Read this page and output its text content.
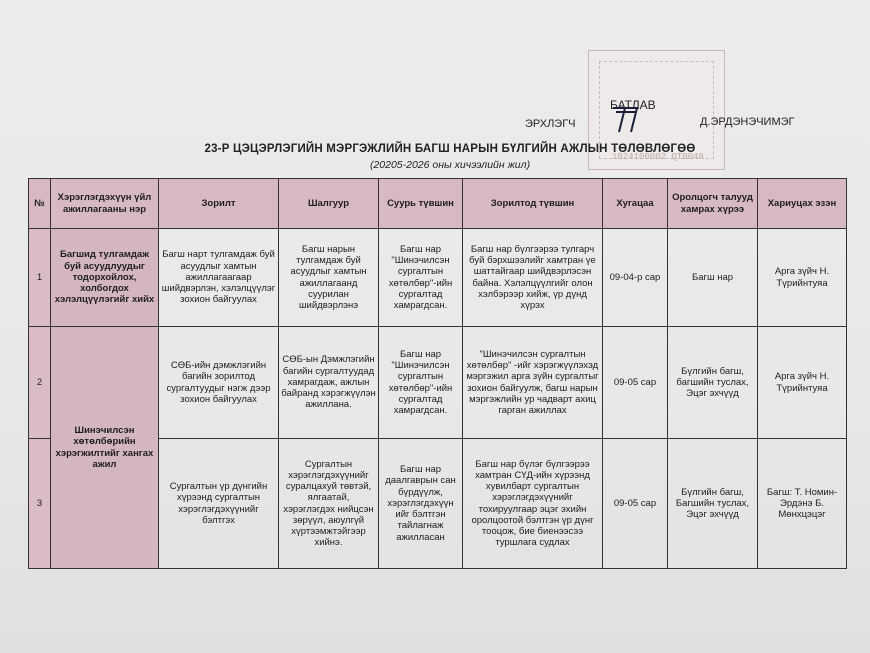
1024100002 QT0048
ЭРХЛЭГЧ
БАТЛАВ
Д.ЭРДЭНЭЧИМЭГ
23-Р ЦЭЦЭРЛЭГИЙН МЭРГЭЖЛИЙН БАГШ НАРЫН БҮЛГИЙН АЖЛЫН ТӨЛӨВЛӨГӨӨ
(20205-2026 оны хичээлийн жил)
№	Хэрэглэгдэхүүн үйл ажиллагааны нэр	Зорилт	Шалгуур	Суурь түвшин	Зорилтод түвшин	Хугацаа	Оролцогч талууд хамрах хүрээ	Хариуцах эзэн
1	Багшид тулгамдаж буй асуудлуудыг тодорхойлох, холбогдох хэлэлцүүлэгийг хийх	Багш нарт тулгамдаж буй асуудлыг хамтын ажиллагаагаар шийдвэрлэн, хэлэлцүүлэг зохион байгуулах	Багш нарын тулгамдаж буй асуудлыг хамтын ажиллагаанд суурилан шийдвэрлэнэ	Багш нар "Шинэчилсэн сургалтын хөтөлбөр"-ийн сургалтад хамрагдсан.	Багш нар бүлгээрээ тулгарч буй бэрхшээлийг хамтран үе шаттайгаар шийдвэрлэсэн байна. Хэлэлцүүлгийг олон хэлбэрээр хийж, үр дүнд хүрэх	09-04-р сар	Багш нар	Арга зүйч Н. Түрийнтуяа
2	Шинэчилсэн хөтөлбөрийн хэрэгжилтийг хангах ажил	СӨБ-ийн дэмжлэгийн багийн зорилтод сургалтуудыг нэгж дээр зохион байгуулах	СӨБ-ын Дэмжлэгийн багийн сургалтуудад хамрагдаж, ажлын байранд хэрэгжүүлэн ажиллана.	Багш нар "Шинэчилсэн сургалтын хөтөлбөр"-ийн сургалтад хамрагдсан.	"Шинэчилсэн сургалтын хөтөлбөр" -ийг хэрэгжүүлэхэд мэргэжил арга зүйн сургалтыг зохион байгуулж, багш нарын мэргэжлийн ур чадварт ахиц гарган ажиллах	09-05 сар	Бүлгийн багш, багшийн туслах, Эцэг эхчүүд	Арга зүйч Н. Түрийнтуяа
3		Сургалтын үр дүнгийн хүрээнд сургалтын хэрэглэгдэхүүнийг бэлтгэх	Сургалтын хэрэглэгдэхүүнийг суралцахуй төвтэй, ялгаатай, хэрэглэгдэх нийцсэн зөрүүл, аюулгүй хүртээмжтэйгээр хийнэ.	Багш нар даалгаврын сан бүрдүүлж, хэрэглэгдэхүүн ийг бэлтгэн тайлагнаж ажилласан	Багш нар бүлэг бүлгээрээ хамтран СҮД-ийн хүрээнд хувилбарт сургалтын хэрэглэгдэхүүнийг тохируулгаар эцэг эхийн оролцоотой бэлтгэн үр дүнг тооцож, бие биенээсээ туршлага судлах	09-05 сар	Бүлгийн багш, Багшийн туслах, Эцэг эхчүүд	Багш: Т. Номин-Эрдэнэ Б. Мөнхцэцэг
